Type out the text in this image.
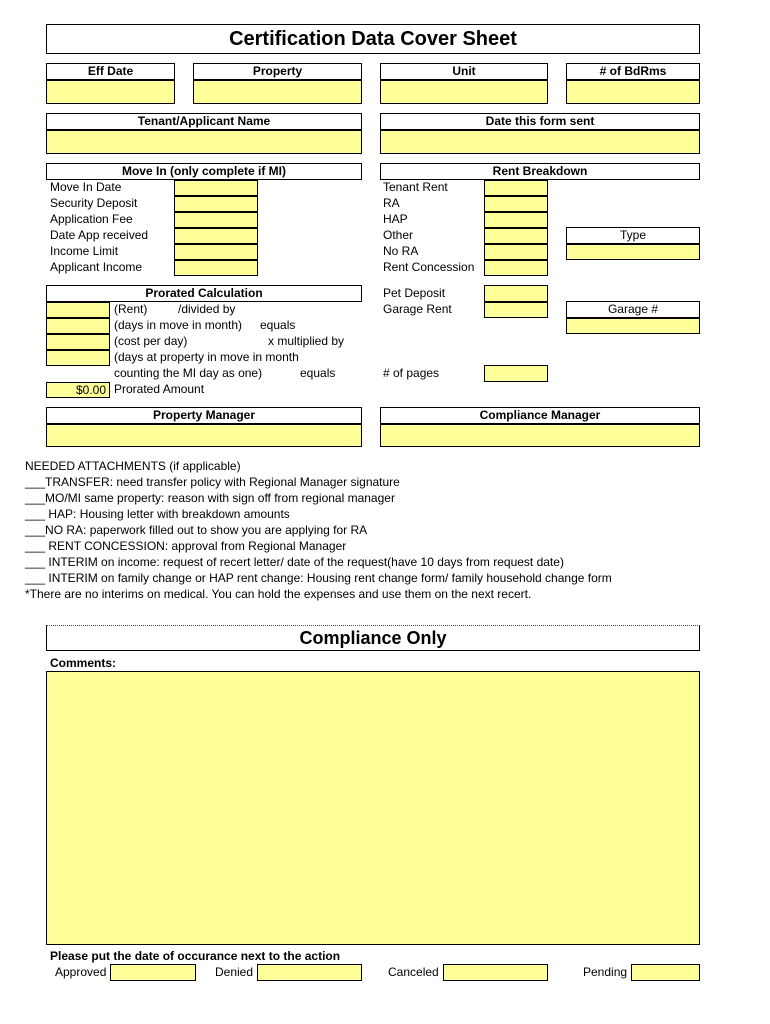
Certification Data Cover Sheet
Eff Date	Property	Unit	# of BdRms
Tenant/Applicant Name	Date this form sent
Move In (only complete if MI)
Move In Date
Security Deposit
Application Fee
Date App received
Income Limit
Applicant Income
Rent Breakdown
Tenant Rent
RA
HAP
Other
No RA
Rent Concession
Type
Prorated Calculation
(Rent)	/divided by
(days in move in month) equals
(cost per day)	x multiplied by
(days at property in move in month
counting the MI day as one)	equals
$0.00 Prorated Amount
Pet Deposit
Garage Rent	Garage #
# of pages
Property Manager	Compliance Manager
NEEDED ATTACHMENTS (if applicable)
___TRANSFER: need transfer policy with Regional Manager signature
___MO/MI same property: reason with sign off from regional manager
___ HAP: Housing letter with breakdown amounts
___NO RA: paperwork filled out to show you are applying for RA
___ RENT CONCESSION: approval from Regional Manager
___ INTERIM on income: request of recert letter/ date of the request(have 10 days from request date)
___ INTERIM on family change or HAP rent change: Housing rent change form/ family household change form
*There are no interims on medical. You can hold the expenses and use them on the next recert.
Compliance Only
Comments:
Please put the date of occurance next to the action
Approved	Denied	Canceled	Pending
